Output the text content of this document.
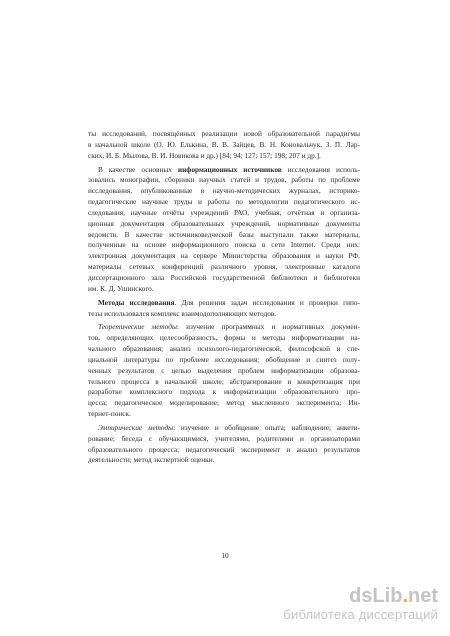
ты исследований, посвящённых реализации новой образовательной парадигмы
в начальной школе (О. Ю. Елькина, В. В. Зайцев, В. Н. Коновальчук, З. П. Лар-
ских, И. Б. Мылова, В. И. Новикова и др.) [84; 94; 127; 157; 198; 207 и др.].
В качестве основных информационных источников исследования исполь-
зовались монографии, сборники научных статей и трудов, работы по проблеме
исследования, опубликованные в научно-методических журналах, историко-
педагогические научные труды и работы по методологии педагогического ис-
следования, научные отчёты учреждений РАО, учебная, отчётная и организа-
ционная документация образовательных учреждений, нормативные документы
ведомств. В качестве источниковедческой базы выступали также материалы,
полученные на основе информационного поиска в сети Internet. Среди них:
электронная документация на сервере Министерства образования и науки РФ,
материалы сетевых конференций различного уровня, электронные каталоги
диссертационного зала Российской государственной библиотеки и библиотеки
им. К. Д. Ушинского.
Методы исследования. Для решения задач исследования и проверки гипо-
тезы использовался комплекс взаимодополняющих методов.
Теоретические методы: изучение программных и нормативных докумен-
тов, определяющих целесообразность, формы и методы информатизации на-
чального образования; анализ психолого-педагогической, философской и спе-
циальной литературы по проблеме исследования; обобщение и синтез полу-
ченных результатов с целью выделения проблем информатизации образова-
тельного процесса в начальной школе; абстрагирование и конкретизация при
разработке комплексного подхода к информатизации образовательного про-
цесса; педагогическое моделирование; метод мысленного эксперимента; Ин-
тернет-поиск.
Эмпирические методы: изучение и обобщение опыта; наблюдение; анкети-
рование; беседа с обучающимися, учителями, родителями и организаторами
образовательного процесса; педагогический эксперимент и анализ результатов
деятельности; метод экспертной оценки.
10
dsLib.net
библиотека диссертаций
